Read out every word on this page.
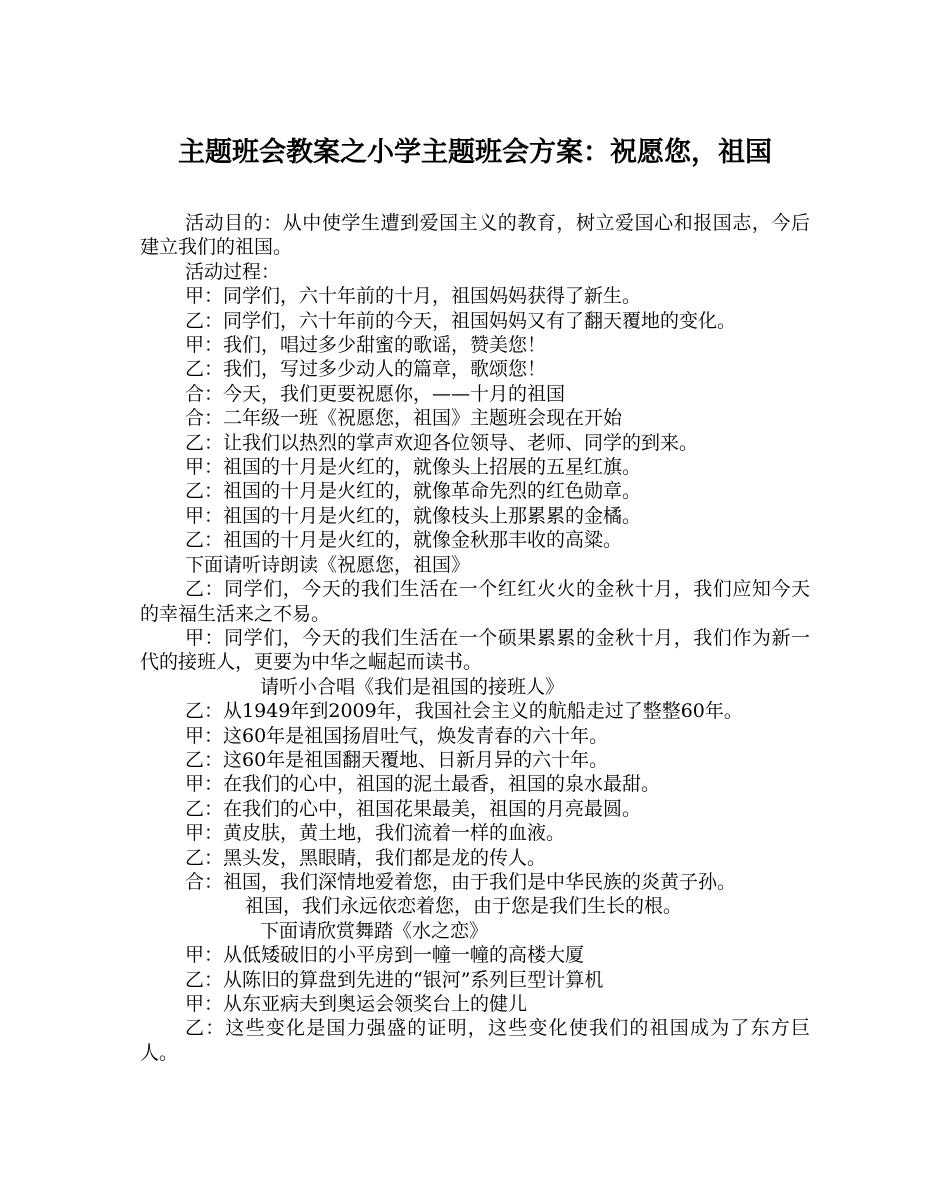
主题班会教案之小学主题班会方案：祝愿您，祖国

活动目的：从中使学生遭到爱国主义的教育，树立爱国心和报国志，今后建立我们的祖国。

活动过程：

甲：同学们，六十年前的十月，祖国妈妈获得了新生。

乙：同学们，六十年前的今天，祖国妈妈又有了翻天覆地的变化。

甲：我们，唱过多少甜蜜的歌谣，赞美您！

乙：我们，写过多少动人的篇章，歌颂您！

合：今天，我们更要祝愿你，——十月的祖国

合：二年级一班《祝愿您，祖国》主题班会现在开始

乙：让我们以热烈的掌声欢迎各位领导、老师、同学的到来。

甲：祖国的十月是火红的，就像头上招展的五星红旗。

乙：祖国的十月是火红的，就像革命先烈的红色勋章。

甲：祖国的十月是火红的，就像枝头上那累累的金橘。

乙：祖国的十月是火红的，就像金秋那丰收的高粱。

下面请听诗朗读《祝愿您，祖国》

乙：同学们，今天的我们生活在一个红红火火的金秋十月，我们应知今天的幸福生活来之不易。

甲：同学们，今天的我们生活在一个硕果累累的金秋十月，我们作为新一代的接班人，更要为中华之崛起而读书。

请听小合唱《我们是祖国的接班人》

乙：从1949年到2009年，我国社会主义的航船走过了整整60年。

甲：这60年是祖国扬眉吐气，焕发青春的六十年。

乙：这60年是祖国翻天覆地、日新月异的六十年。

甲：在我们的心中，祖国的泥土最香，祖国的泉水最甜。

乙：在我们的心中，祖国花果最美，祖国的月亮最圆。

甲：黄皮肤，黄土地，我们流着一样的血液。

乙：黑头发，黑眼睛，我们都是龙的传人。

合：祖国，我们深情地爱着您，由于我们是中华民族的炎黄子孙。

祖国，我们永远依恋着您，由于您是我们生长的根。

下面请欣赏舞踏《水之恋》

甲：从低矮破旧的小平房到一幢一幢的高楼大厦

乙：从陈旧的算盘到先进的“银河”系列巨型计算机

甲：从东亚病夫到奥运会领奖台上的健儿

乙：这些变化是国力强盛的证明，这些变化使我们的祖国成为了东方巨人。
